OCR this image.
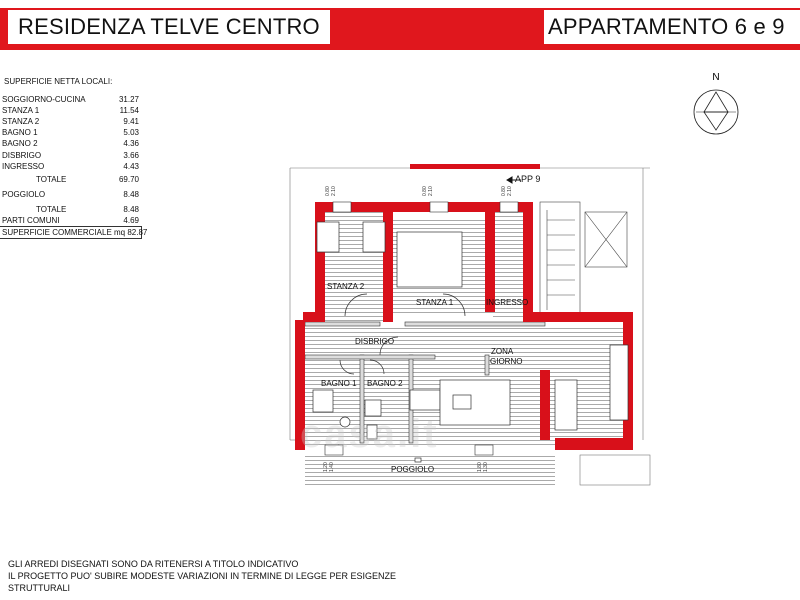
RESIDENZA TELVE CENTRO	APPARTAMENTO 6 e 9
SUPERFICIE NETTA LOCALI:
SOGGIORNO-CUCINA	31.27
STANZA 1	11.54
STANZA 2	9.41
BAGNO 1	5.03
BAGNO 2	4.36
DISBRIGO	3.66
INGRESSO	4.43
TOTALE	69.70
POGGIOLO	8.48
TOTALE	8.48
PARTI COMUNI	4.69
SUPERFICIE COMMERCIALE mq 82.87
N
0.80 2.10	0.80 2.10	0.80 2.10
1.20 1.40	1.80 1.30
APP 9
STANZA 2
STANZA 1	INGRESSO
DISBRIGO
ZONA
GIORNO
BAGNO 1 BAGNO 2
POGGIOLO
casa.it
GLI ARREDI DISEGNATI SONO DA RITENERSI A TITOLO INDICATIVO
IL PROGETTO PUO' SUBIRE MODESTE VARIAZIONI IN TERMINE DI LEGGE PER ESIGENZE
STRUTTURALI
